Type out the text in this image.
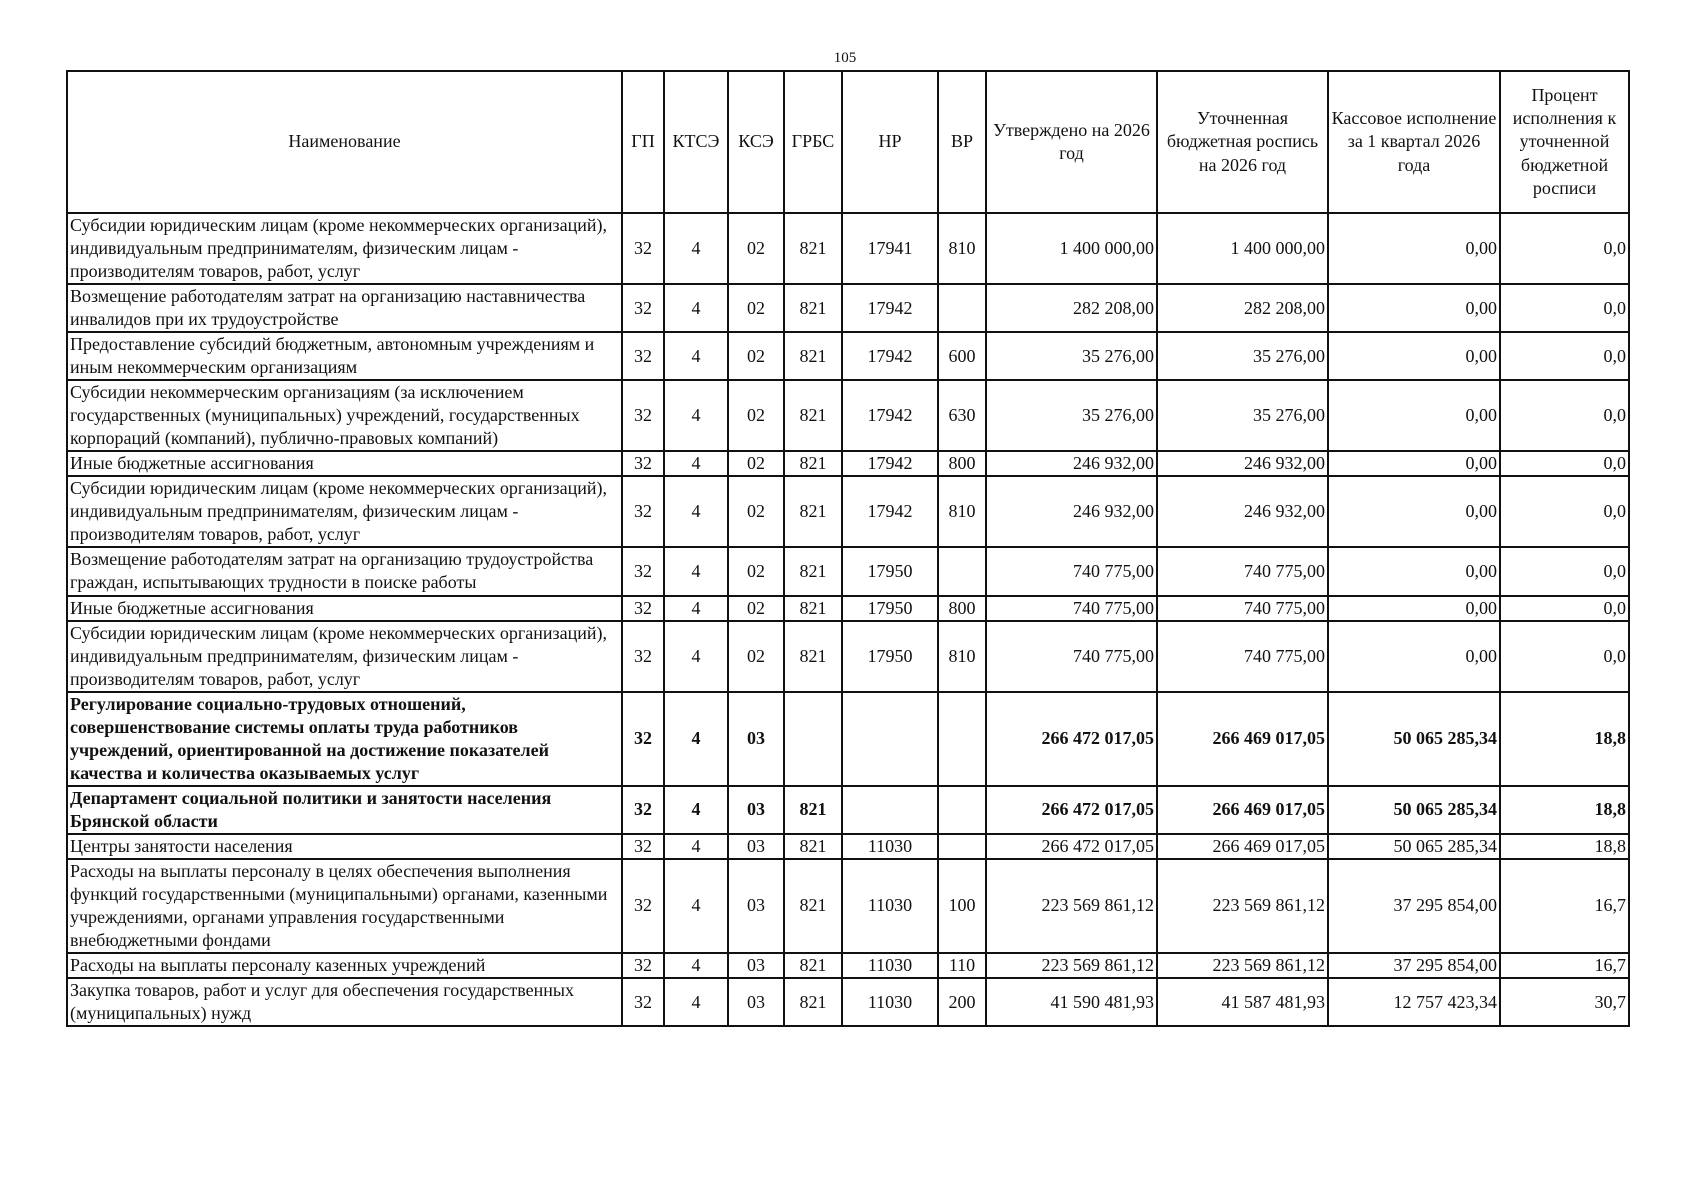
105
Наименование	ГП	КТСЭ	КСЭ	ГРБС	НР	ВР	Утверждено на 2026 год	Уточненная бюджетная роспись на 2026 год	Кассовое исполнение за 1 квартал 2026 года	Процент исполнения к уточненной бюджетной росписи
Субсидии юридическим лицам (кроме некоммерческих организаций), индивидуальным предпринимателям, физическим лицам - производителям товаров, работ, услуг	32	4	02	821	17941	810	1 400 000,00	1 400 000,00	0,00	0,0
Возмещение работодателям затрат на организацию наставничества инвалидов при их трудоустройстве	32	4	02	821	17942		282 208,00	282 208,00	0,00	0,0
Предоставление субсидий бюджетным, автономным учреждениям и иным некоммерческим организациям	32	4	02	821	17942	600	35 276,00	35 276,00	0,00	0,0
Субсидии некоммерческим организациям (за исключением государственных (муниципальных) учреждений, государственных корпораций (компаний), публично-правовых компаний)	32	4	02	821	17942	630	35 276,00	35 276,00	0,00	0,0
Иные бюджетные ассигнования	32	4	02	821	17942	800	246 932,00	246 932,00	0,00	0,0
Субсидии юридическим лицам (кроме некоммерческих организаций), индивидуальным предпринимателям, физическим лицам - производителям товаров, работ, услуг	32	4	02	821	17942	810	246 932,00	246 932,00	0,00	0,0
Возмещение работодателям затрат на организацию трудоустройства граждан, испытывающих трудности в поиске работы	32	4	02	821	17950		740 775,00	740 775,00	0,00	0,0
Иные бюджетные ассигнования	32	4	02	821	17950	800	740 775,00	740 775,00	0,00	0,0
Субсидии юридическим лицам (кроме некоммерческих организаций), индивидуальным предпринимателям, физическим лицам - производителям товаров, работ, услуг	32	4	02	821	17950	810	740 775,00	740 775,00	0,00	0,0
Регулирование социально-трудовых отношений, совершенствование системы оплаты труда работников учреждений, ориентированной на достижение показателей качества и количества оказываемых услуг	32	4	03				266 472 017,05	266 469 017,05	50 065 285,34	18,8
Департамент социальной политики и занятости населения Брянской области	32	4	03	821			266 472 017,05	266 469 017,05	50 065 285,34	18,8
Центры занятости населения	32	4	03	821	11030		266 472 017,05	266 469 017,05	50 065 285,34	18,8
Расходы на выплаты персоналу в целях обеспечения выполнения функций государственными (муниципальными) органами, казенными учреждениями, органами управления государственными внебюджетными фондами	32	4	03	821	11030	100	223 569 861,12	223 569 861,12	37 295 854,00	16,7
Расходы на выплаты персоналу казенных учреждений	32	4	03	821	11030	110	223 569 861,12	223 569 861,12	37 295 854,00	16,7
Закупка товаров, работ и услуг для обеспечения государственных (муниципальных) нужд	32	4	03	821	11030	200	41 590 481,93	41 587 481,93	12 757 423,34	30,7
